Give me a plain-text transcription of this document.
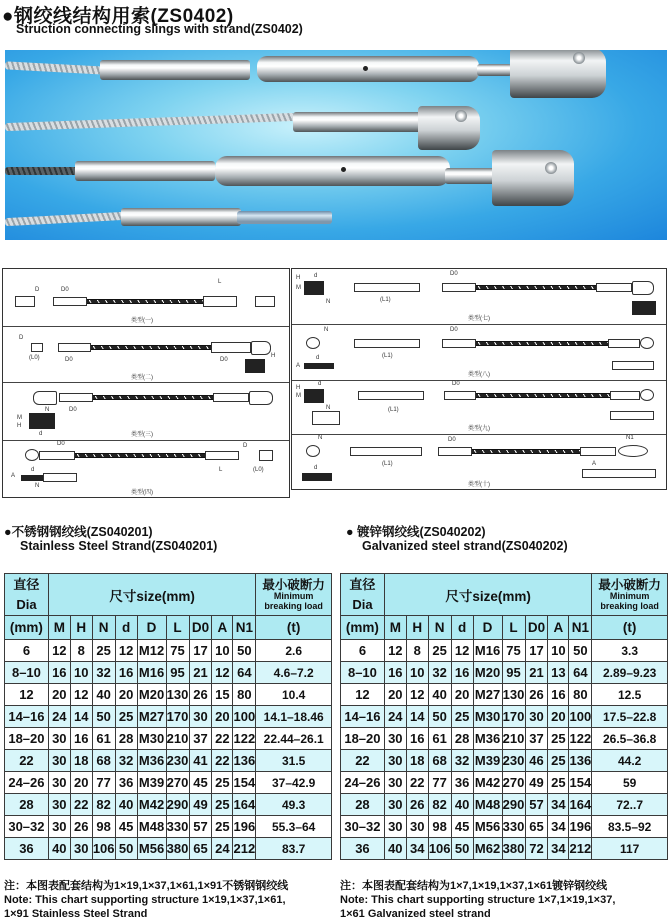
●钢绞线结构用索(ZS0402)
Struction connecting slings with strand(ZS0402)
D	D0
L
类型(一)
D
(L0)	D0	D0
H
类型(二)
D0
N
M
H
d	类型(三)
D0	D
L	(L0)
A
d
N
类型(四)
M
H d
N	(L1)
D0
类型(七)
N
d
A
(L1)
D0
类型(八)
M
H
d
N	(L1)
D0
类型(九)
N
d
(L1)
D0	N1
A
类型(十)
●不锈钢钢绞线(ZS040201)
Stainless Steel Strand(ZS040201)
直径
Dia	尺寸size(mm)									最小破断力
Minimum
breaking load

(mm)	M	H	N	d	D	L	D0	A	N1	(t)
6	12	8	25	12	M12	75	17	10	50	2.6
8–10	16	10	32	16	M16	95	21	12	64	4.6–7.2
12	20	12	40	20	M20	130	26	15	80	10.4
14–16	24	14	50	25	M27	170	30	20	100	14.1–18.46
18–20	30	16	61	28	M30	210	37	22	122	22.44–26.1
22	30	18	68	32	M36	230	41	22	136	31.5
24–26	30	20	77	36	M39	270	45	25	154	37–42.9
28	30	22	82	40	M42	290	49	25	164	49.3
30–32	30	26	98	45	M48	330	57	25	196	55.3–64
36	40	30	106	50	M56	380	65	24	212	83.7
注：本图表配套结构为1×19,1×37,1×61,1×91不锈钢钢绞线
Note: This chart supporting structure 1×19,1×37,1×61,
1×91 Stainless Steel Strand
● 镀锌钢绞线(ZS040202)
Galvanized steel strand(ZS040202)
直径
Dia	尺寸size(mm)									最小破断力
Minimum
breaking load

(mm)	M	H	N	d	D	L	D0	A	N1	(t)
6	12	8	25	12	M16	75	17	10	50	3.3
8–10	16	10	32	16	M20	95	21	13	64	2.89–9.23
12	20	12	40	20	M27	130	26	16	80	12.5
14–16	24	14	50	25	M30	170	30	20	100	17.5–22.8
18–20	30	16	61	28	M36	210	37	25	122	26.5–36.8
22	30	18	68	32	M39	230	46	25	136	44.2
24–26	30	22	77	36	M42	270	49	25	154	59
28	30	26	82	40	M48	290	57	34	164	72..7
30–32	30	30	98	45	M56	330	65	34	196	83.5–92
36	40	34	106	50	M62	380	72	34	212	117
注：本图表配套结构为1×7,1×19,1×37,1×61镀锌钢绞线
Note: This chart supporting structure 1×7,1×19,1×37,
1×61 Galvanized steel strand
